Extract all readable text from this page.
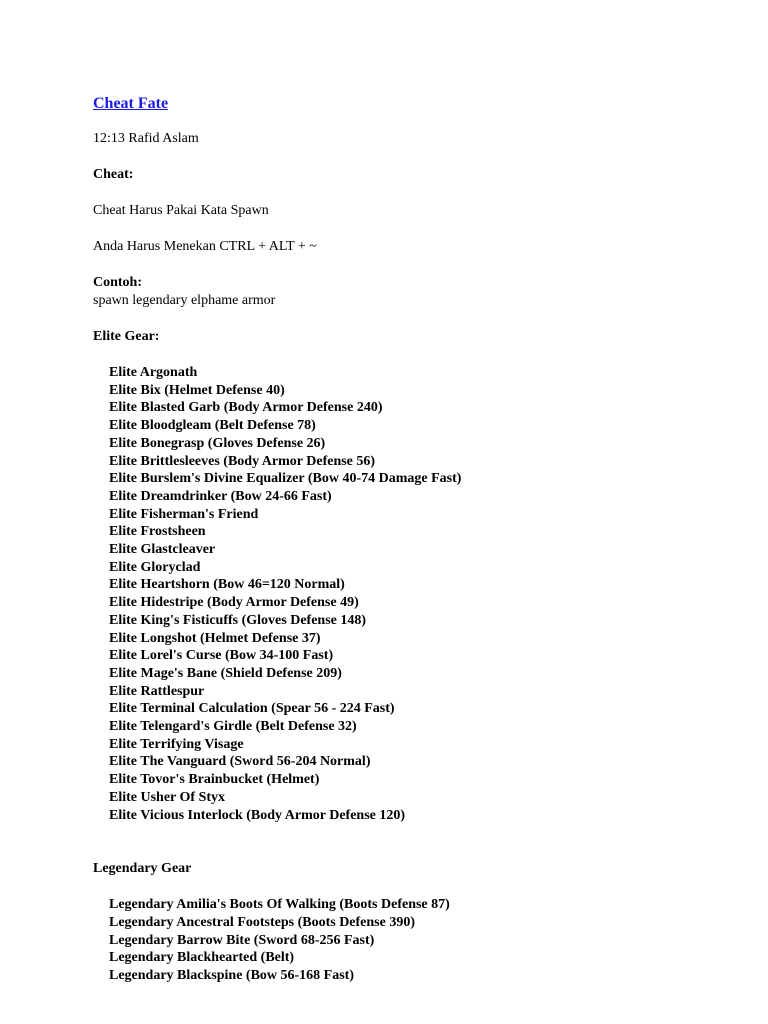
Cheat Fate
12:13 Rafid Aslam
Cheat:
Cheat Harus Pakai Kata Spawn
Anda Harus Menekan CTRL + ALT + ~
Contoh:
spawn legendary elphame armor
Elite Gear:
Elite Argonath
Elite Bix (Helmet Defense 40)
Elite Blasted Garb (Body Armor Defense 240)
Elite Bloodgleam (Belt Defense 78)
Elite Bonegrasp (Gloves Defense 26)
Elite Brittlesleeves (Body Armor Defense 56)
Elite Burslem's Divine Equalizer (Bow 40-74 Damage Fast)
Elite Dreamdrinker (Bow 24-66 Fast)
Elite Fisherman's Friend
Elite Frostsheen
Elite Glastcleaver
Elite Gloryclad
Elite Heartshorn (Bow 46=120 Normal)
Elite Hidestripe (Body Armor Defense 49)
Elite King's Fisticuffs (Gloves Defense 148)
Elite Longshot (Helmet Defense 37)
Elite Lorel's Curse (Bow 34-100 Fast)
Elite Mage's Bane (Shield Defense 209)
Elite Rattlespur
Elite Terminal Calculation (Spear 56 - 224 Fast)
Elite Telengard's Girdle (Belt Defense 32)
Elite Terrifying Visage
Elite The Vanguard (Sword 56-204 Normal)
Elite Tovor's Brainbucket (Helmet)
Elite Usher Of Styx
Elite Vicious Interlock (Body Armor Defense 120)
Legendary Gear
Legendary Amilia's Boots Of Walking (Boots Defense 87)
Legendary Ancestral Footsteps (Boots Defense 390)
Legendary Barrow Bite (Sword 68-256 Fast)
Legendary Blackhearted (Belt)
Legendary Blackspine (Bow 56-168 Fast)
